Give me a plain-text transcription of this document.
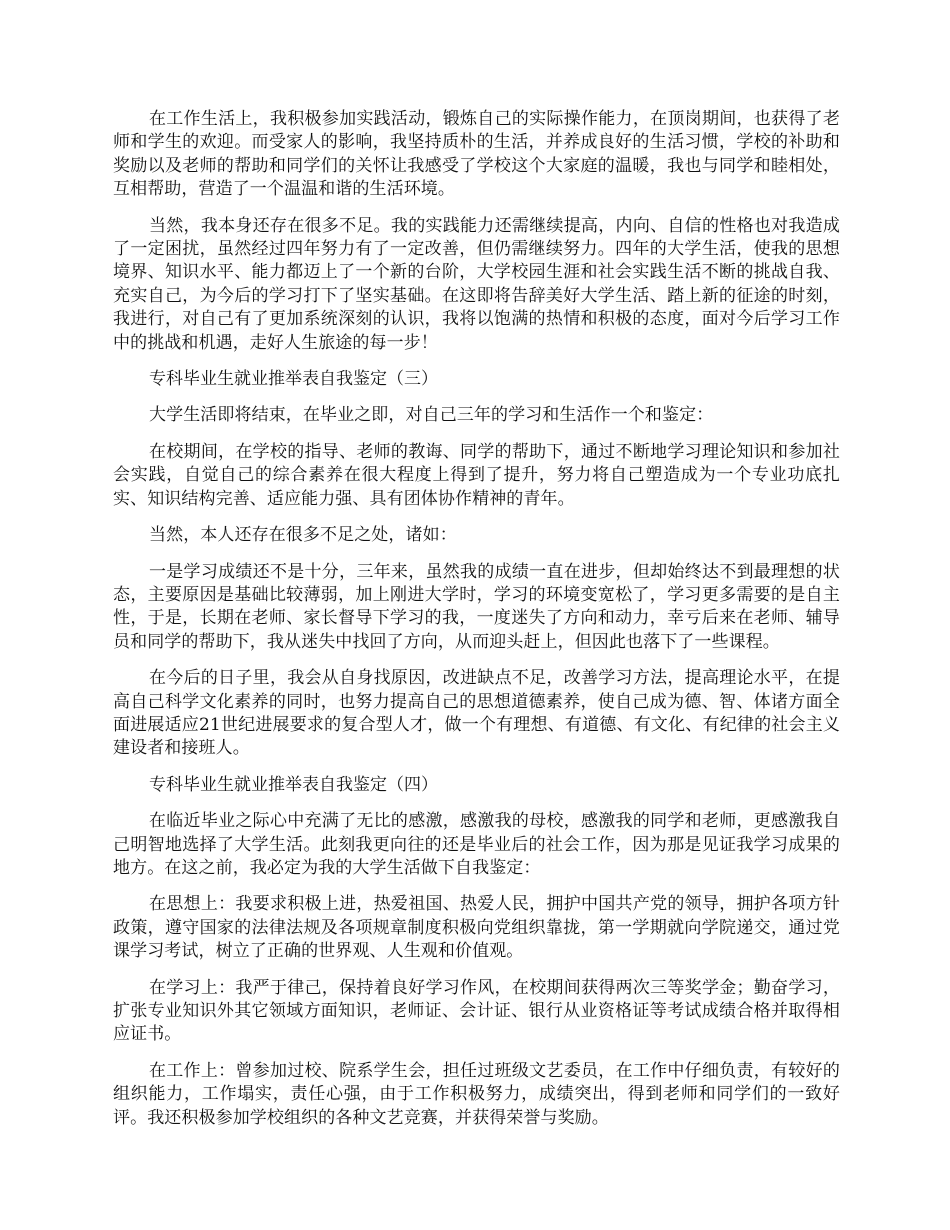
在工作生活上，我积极参加实践活动，锻炼自己的实际操作能力，在顶岗期间，也获得了老师和学生的欢迎。而受家人的影响，我坚持质朴的生活，并养成良好的生活习惯，学校的补助和奖励以及老师的帮助和同学们的关怀让我感受了学校这个大家庭的温暖，我也与同学和睦相处，互相帮助，营造了一个温温和谐的生活环境。

当然，我本身还存在很多不足。我的实践能力还需继续提高，内向、自信的性格也对我造成了一定困扰，虽然经过四年努力有了一定改善，但仍需继续努力。四年的大学生活，使我的思想境界、知识水平、能力都迈上了一个新的台阶，大学校园生涯和社会实践生活不断的挑战自我、充实自己，为今后的学习打下了坚实基础。在这即将告辞美好大学生活、踏上新的征途的时刻，我进行，对自己有了更加系统深刻的认识，我将以饱满的热情和积极的态度，面对今后学习工作中的挑战和机遇，走好人生旅途的每一步！

专科毕业生就业推举表自我鉴定（三）

大学生活即将结束，在毕业之即，对自己三年的学习和生活作一个和鉴定：

在校期间，在学校的指导、老师的教诲、同学的帮助下，通过不断地学习理论知识和参加社会实践，自觉自己的综合素养在很大程度上得到了提升，努力将自己塑造成为一个专业功底扎实、知识结构完善、适应能力强、具有团体协作精神的青年。

当然，本人还存在很多不足之处，诸如：

一是学习成绩还不是十分，三年来，虽然我的成绩一直在进步，但却始终达不到最理想的状态，主要原因是基础比较薄弱，加上刚进大学时，学习的环境变宽松了，学习更多需要的是自主性，于是，长期在老师、家长督导下学习的我，一度迷失了方向和动力，幸亏后来在老师、辅导员和同学的帮助下，我从迷失中找回了方向，从而迎头赶上，但因此也落下了一些课程。

在今后的日子里，我会从自身找原因，改进缺点不足，改善学习方法，提高理论水平，在提高自己科学文化素养的同时，也努力提高自己的思想道德素养，使自己成为德、智、体诸方面全面进展适应21世纪进展要求的复合型人才，做一个有理想、有道德、有文化、有纪律的社会主义建设者和接班人。

专科毕业生就业推举表自我鉴定（四）

在临近毕业之际心中充满了无比的感激，感激我的母校，感激我的同学和老师，更感激我自己明智地选择了大学生活。此刻我更向往的还是毕业后的社会工作，因为那是见证我学习成果的地方。在这之前，我必定为我的大学生活做下自我鉴定：

在思想上：我要求积极上进，热爱祖国、热爱人民，拥护中国共产党的领导，拥护各项方针政策，遵守国家的法律法规及各项规章制度积极向党组织靠拢，第一学期就向学院递交，通过党课学习考试，树立了正确的世界观、人生观和价值观。

在学习上：我严于律己，保持着良好学习作风，在校期间获得两次三等奖学金；勤奋学习，扩张专业知识外其它领域方面知识，老师证、会计证、银行从业资格证等考试成绩合格并取得相应证书。

在工作上：曾参加过校、院系学生会，担任过班级文艺委员，在工作中仔细负责，有较好的组织能力，工作塌实，责任心强，由于工作积极努力，成绩突出，得到老师和同学们的一致好评。我还积极参加学校组织的各种文艺竞赛，并获得荣誉与奖励。
